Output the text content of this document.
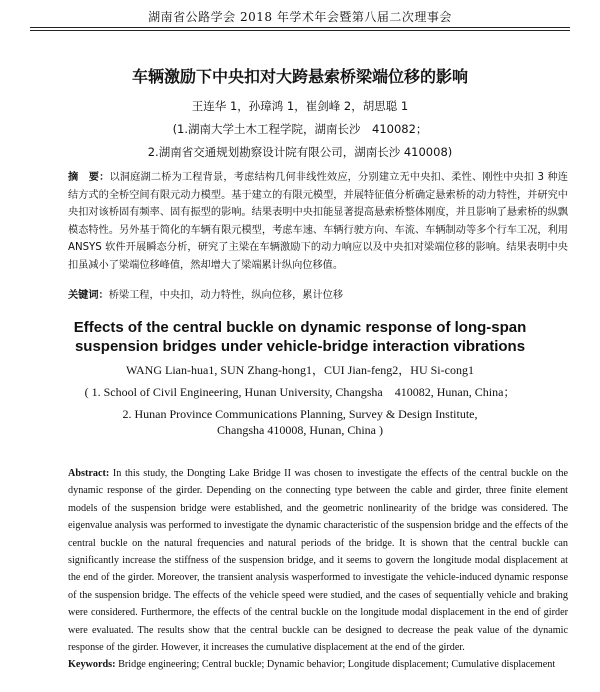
湖南省公路学会 2018 年学术年会暨第八届二次理事会
车辆激励下中央扣对大跨悬索桥梁端位移的影响
王连华 1，孙璋鸿 1，崔剑峰 2，胡思聪 1
(1.湖南大学土木工程学院，湖南长沙　410082；
2.湖南省交通规划勘察设计院有限公司，湖南长沙 410008)
摘　要：以洞庭湖二桥为工程背景，考虑结构几何非线性效应，分别建立无中央扣、柔性、刚性中央扣 3 种连结方式的全桥空间有限元动力模型。基于建立的有限元模型，并展特征值分析确定悬索桥的动力特性，并研究中央扣对该桥固有频率、固有振型的影响。结果表明中央扣能显著提高悬索桥整体刚度，并且影响了悬索桥的纵飘模态特性。另外基于简化的车辆有限元模型，考虑车速、车辆行驶方向、车流、车辆制动等多个行车工况，利用 ANSYS 软件开展瞬态分析，研究了主梁在车辆激励下的动力响应以及中央扣对梁端位移的影响。结果表明中央扣虽减小了梁端位移峰值，然却增大了梁端累计纵向位移值。
关键词：桥梁工程，中央扣，动力特性，纵向位移，累计位移
Effects of the central buckle on dynamic response of long-span suspension bridges under vehicle-bridge interaction vibrations
WANG Lian-hua1, SUN Zhang-hong1，CUI Jian-feng2，HU Si-cong1
( 1. School of Civil Engineering, Hunan University, Changsha　410082, Hunan, China；
2. Hunan Province Communications Planning, Survey & Design Institute, Changsha 410008, Hunan, China )
Abstract: In this study, the Dongting Lake Bridge II was chosen to investigate the effects of the central buckle on the dynamic response of the girder. Depending on the connecting type between the cable and girder, three finite element models of the suspension bridge were established, and the geometric nonlinearity of the bridge was considered. The eigenvalue analysis was performed to investigate the dynamic characteristic of the suspension bridge and the effects of the central buckle on the natural frequencies and natural periods of the bridge. It is shown that the central buckle can significantly increase the stiffness of the suspension bridge, and it seems to govern the longitude modal displacement at the end of the girder. Moreover, the transient analysis wasperformed to investigate the vehicle-induced dynamic response of the suspension bridge. The effects of the vehicle speed were studied, and the cases of sequentially vehicle and braking were considered. Furthermore, the effects of the central buckle on the longitude modal displacement in the end of girder were evaluated. The results show that the central buckle can be designed to decrease the peak value of the dynamic response of the girder. However, it increases the cumulative displacement at the end of the girder.
Keywords: Bridge engineering; Central buckle; Dynamic behavior; Longitude displacement; Cumulative displacement
